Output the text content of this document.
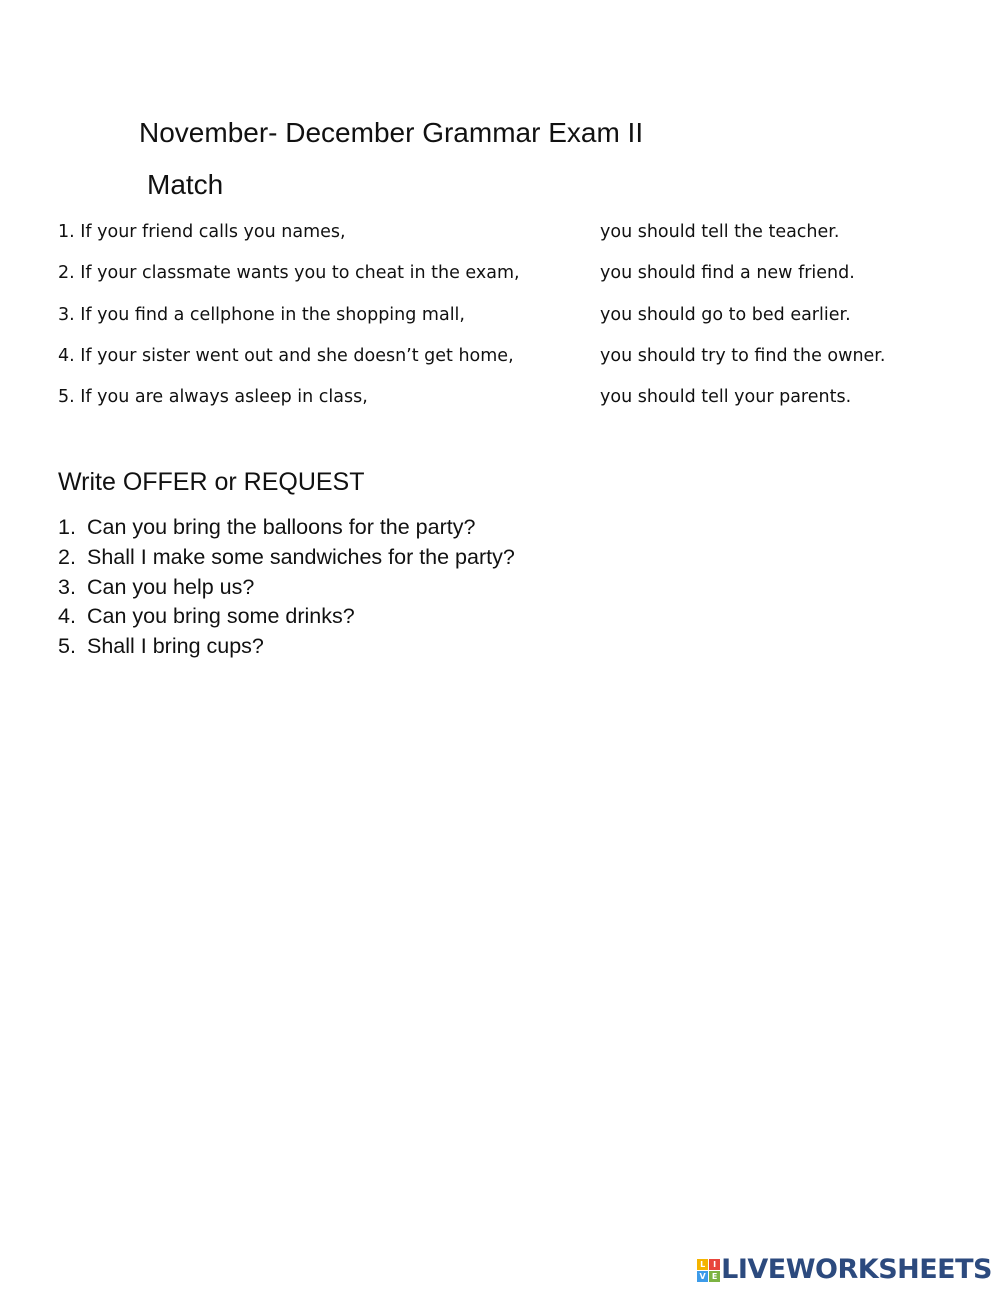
November- December Grammar Exam II
Match
1. If your friend calls you names,
2. If your classmate wants you to cheat in the exam,
3. If you find a cellphone in the shopping mall,
4. If your sister went out and she doesn’t get home,
5. If you are always asleep in class,
you should tell the teacher.
you should find a new friend.
you should go to bed earlier.
you should try to find the owner.
you should tell your parents.
Write OFFER or REQUEST
1. Can you bring the balloons for the party?
2. Shall I make some sandwiches for the party?
3. Can you help us?
4. Can you bring some drinks?
5. Shall I bring cups?
L I
V E LIVEWORKSHEETS
